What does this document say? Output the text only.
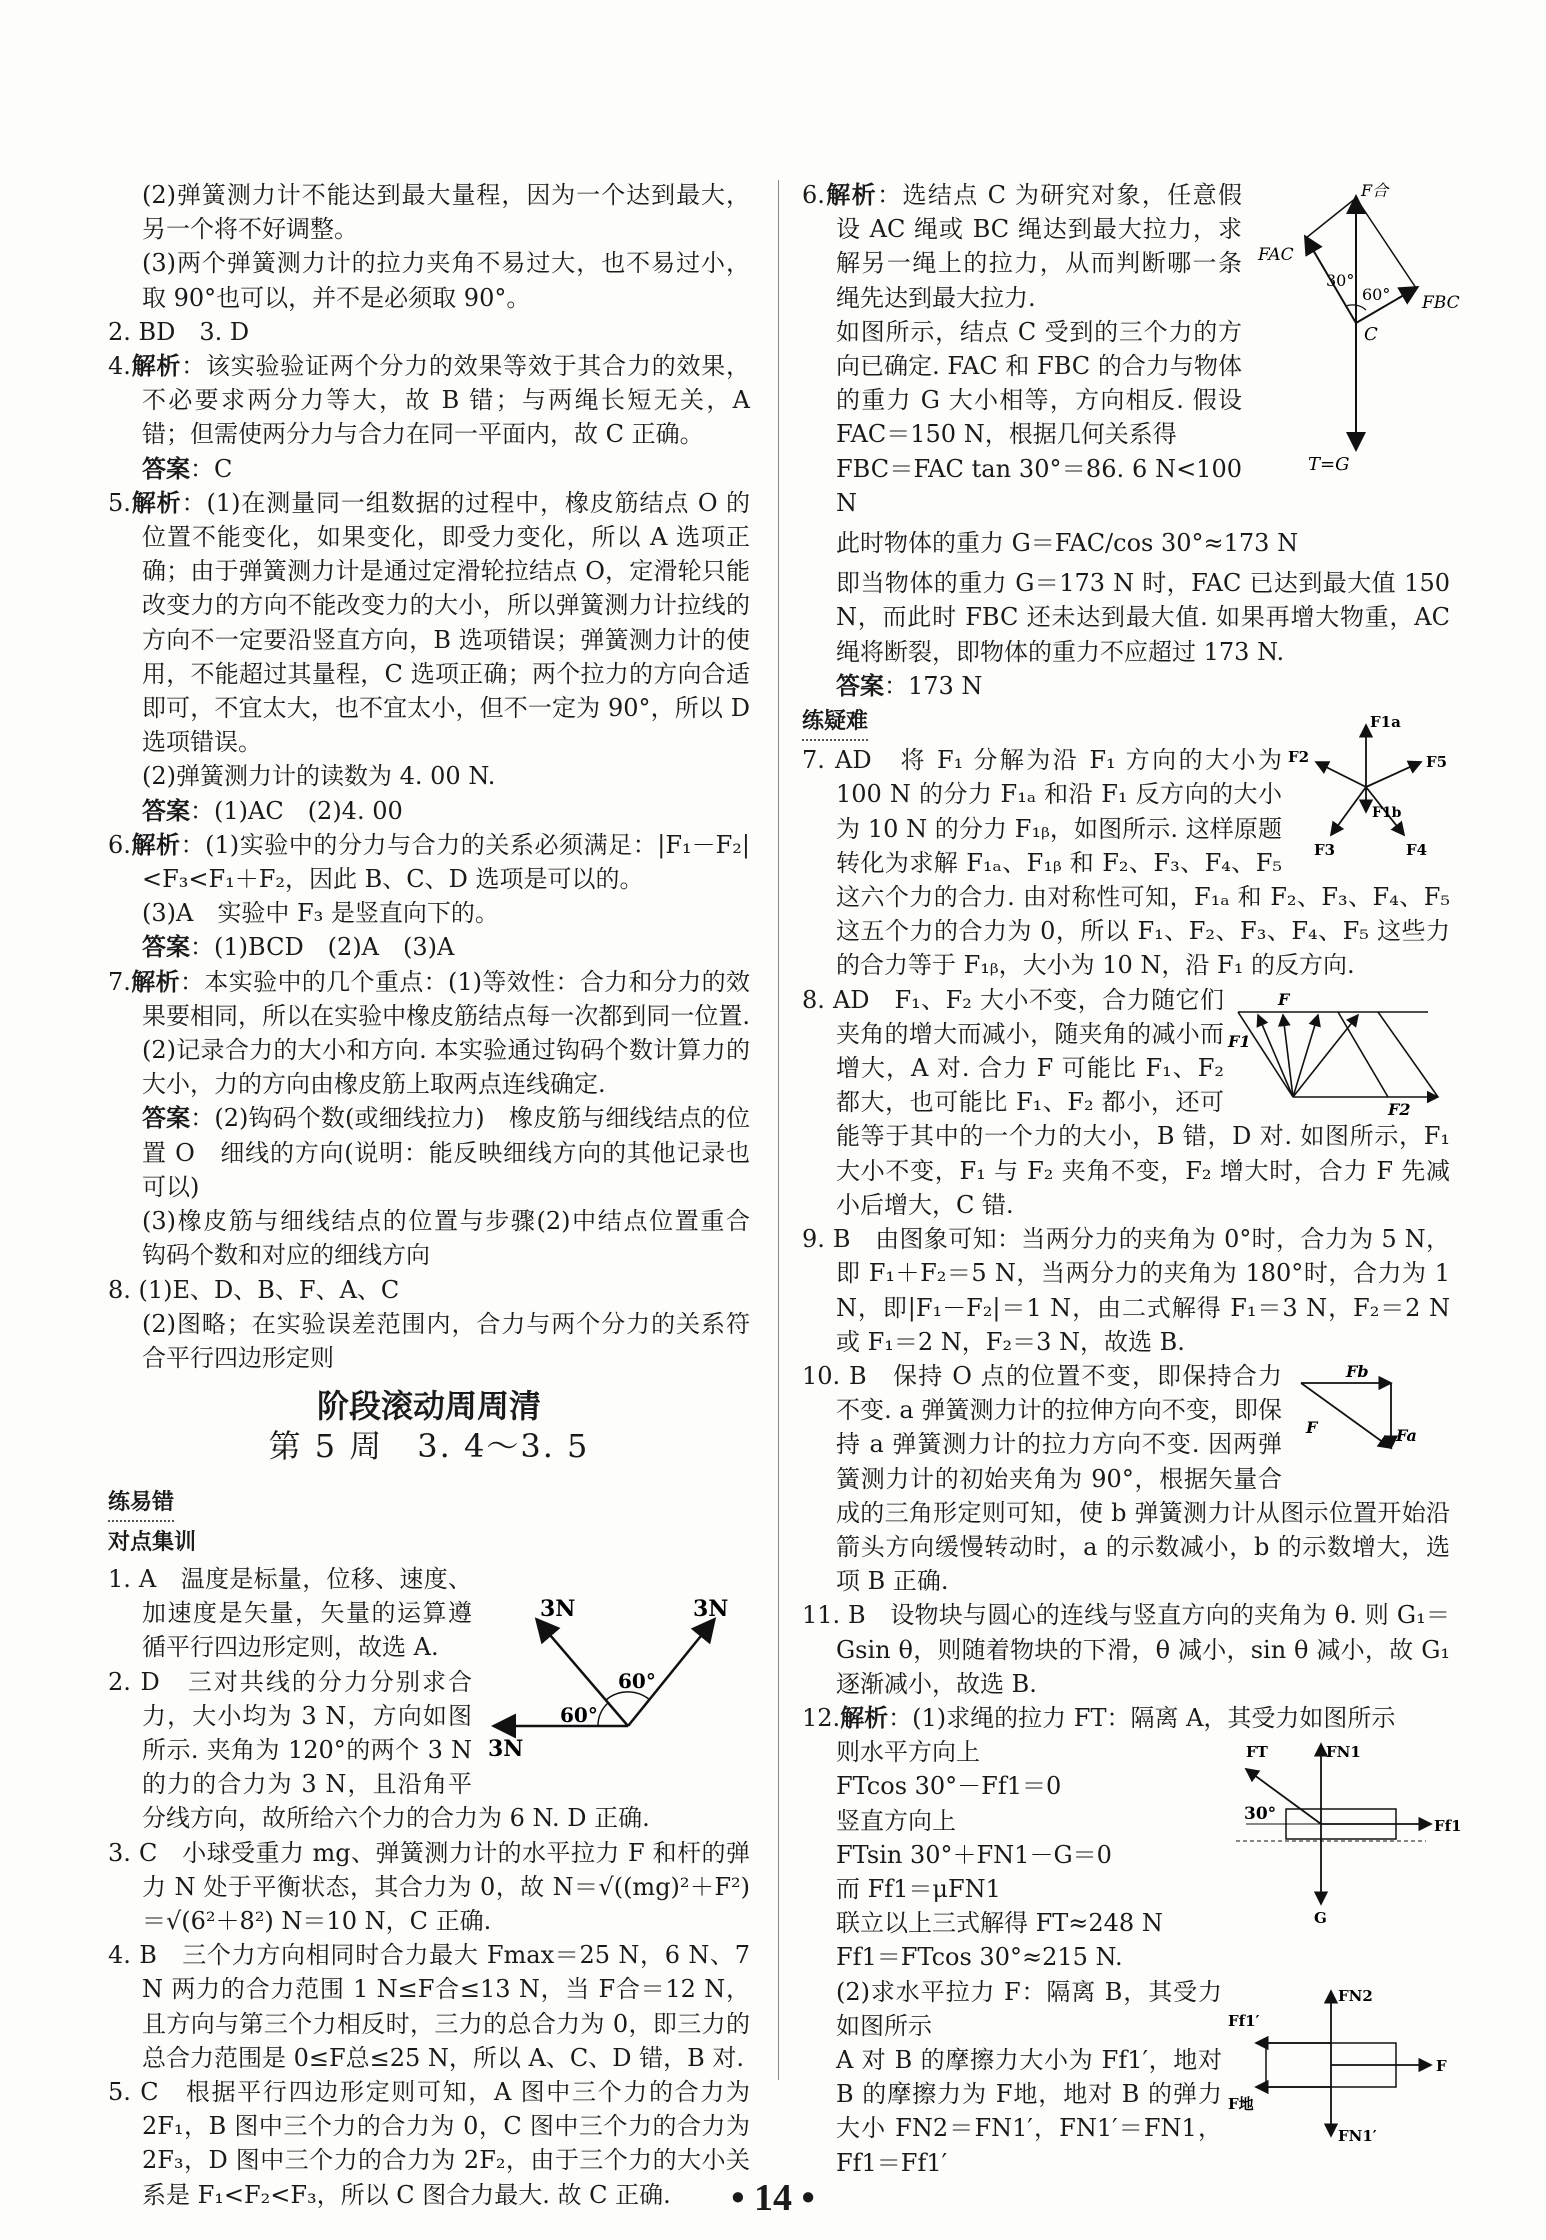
(2)弹簧测力计不能达到最大量程，因为一个达到最大，另一个将不好调整。

(3)两个弹簧测力计的拉力夹角不易过大，也不易过小，取 90°也可以，并不是必须取 90°。

2. BD　3. D

4.解析：该实验验证两个分力的效果等效于其合力的效果，不必要求两分力等大，故 B 错；与两绳长短无关，A 错；但需使两分力与合力在同一平面内，故 C 正确。

答案：C

5.解析：(1)在测量同一组数据的过程中，橡皮筋结点 O 的位置不能变化，如果变化，即受力变化，所以 A 选项正确；由于弹簧测力计是通过定滑轮拉结点 O，定滑轮只能改变力的方向不能改变力的大小，所以弹簧测力计拉线的方向不一定要沿竖直方向，B 选项错误；弹簧测力计的使用，不能超过其量程，C 选项正确；两个拉力的方向合适即可，不宜太大，也不宜太小，但不一定为 90°，所以 D 选项错误。

(2)弹簧测力计的读数为 4. 00 N.

答案：(1)AC　(2)4. 00

6.解析：(1)实验中的分力与合力的关系必须满足：|F₁－F₂|<F₃<F₁＋F₂，因此 B、C、D 选项是可以的。

(3)A　实验中 F₃ 是竖直向下的。

答案：(1)BCD　(2)A　(3)A

7.解析：本实验中的几个重点：(1)等效性：合力和分力的效果要相同，所以在实验中橡皮筋结点每一次都到同一位置. (2)记录合力的大小和方向. 本实验通过钩码个数计算力的大小，力的方向由橡皮筋上取两点连线确定.

答案：(2)钩码个数(或细线拉力)　橡皮筋与细线结点的位置 O　细线的方向(说明：能反映细线方向的其他记录也可以)

(3)橡皮筋与细线结点的位置与步骤(2)中结点位置重合　钩码个数和对应的细线方向

8. (1)E、D、B、F、A、C

(2)图略；在实验误差范围内，合力与两个分力的关系符合平行四边形定则

阶段滚动周周清
第 5 周　3. 4～3. 5
练易错
对点集训
3N	3N
3N
60°
60°

1. A　温度是标量，位移、速度、加速度是矢量，矢量的运算遵循平行四边形定则，故选 A.

2. D　三对共线的分力分别求合力，大小均为 3 N，方向如图所示. 夹角为 120°的两个 3 N 的力的合力为 3 N，且沿角平分线方向，故所给六个力的合力为 6 N. D 正确.

3. C　小球受重力 mg、弹簧测力计的水平拉力 F 和杆的弹力 N 处于平衡状态，其合力为 0，故 N＝√((mg)²＋F²)＝√(6²＋8²) N＝10 N，C 正确.

4. B　三个力方向相同时合力最大 Fmax＝25 N，6 N、7 N 两力的合力范围 1 N≤F合≤13 N，当 F合＝12 N，且方向与第三个力相反时，三力的总合力为 0，即三力的总合力范围是 0≤F总≤25 N，所以 A、C、D 错，B 对.

5. C　根据平行四边形定则可知，A 图中三个力的合力为 2F₁，B 图中三个力的合力为 0，C 图中三个力的合力为 2F₃，D 图中三个力的合力为 2F₂，由于三个力的大小关系是 F₁<F₂<F₃，所以 C 图合力最大. 故 C 正确.

F合
FAC
FBC
30°
60°
C
T=G

6.解析：选结点 C 为研究对象，任意假设 AC 绳或 BC 绳达到最大拉力，求解另一绳上的拉力，从而判断哪一条绳先达到最大拉力.

如图所示，结点 C 受到的三个力的方向已确定. FAC 和 FBC 的合力与物体的重力 G 大小相等，方向相反. 假设 FAC＝150 N，根据几何关系得

FBC＝FAC tan 30°＝86. 6 N<100 N

此时物体的重力 G＝FAC/cos 30°≈173 N

即当物体的重力 G＝173 N 时，FAC 已达到最大值 150 N，而此时 FBC 还未达到最大值. 如果再增大物重，AC 绳将断裂，即物体的重力不应超过 173 N.

答案：173 N

练疑难	F1a
F2	F5
F1b
F3	F4

7. AD　将 F₁ 分解为沿 F₁ 方向的大小为 100 N 的分力 F₁ₐ 和沿 F₁ 反方向的大小为 10 N 的分力 F₁ᵦ，如图所示. 这样原题转化为求解 F₁ₐ、F₁ᵦ 和 F₂、F₃、F₄、F₅ 这六个力的合力. 由对称性可知，F₁ₐ 和 F₂、F₃、F₄、F₅ 这五个力的合力为 0，所以 F₁、F₂、F₃、F₄、F₅ 这些力的合力等于 F₁ᵦ，大小为 10 N，沿 F₁ 的反方向.

F
F1
F2

8. AD　F₁、F₂ 大小不变，合力随它们夹角的增大而减小，随夹角的减小而增大，A 对. 合力 F 可能比 F₁、F₂ 都大，也可能比 F₁、F₂ 都小，还可能等于其中的一个力的大小，B 错，D 对. 如图所示，F₁ 大小不变，F₁ 与 F₂ 夹角不变，F₂ 增大时，合力 F 先减小后增大，C 错.

9. B　由图象可知：当两分力的夹角为 0°时，合力为 5 N，即 F₁＋F₂＝5 N，当两分力的夹角为 180°时，合力为 1 N，即|F₁－F₂|＝1 N，由二式解得 F₁＝3 N，F₂＝2 N 或 F₁＝2 N，F₂＝3 N，故选 B.

Fb
F	Fa

10. B　保持 O 点的位置不变，即保持合力不变. a 弹簧测力计的拉伸方向不变，即保持 a 弹簧测力计的拉力方向不变. 因两弹簧测力计的初始夹角为 90°，根据矢量合成的三角形定则可知，使 b 弹簧测力计从图示位置开始沿箭头方向缓慢转动时，a 的示数减小，b 的示数增大，选项 B 正确.

11. B　设物块与圆心的连线与竖直方向的夹角为 θ. 则 G₁＝Gsin θ，则随着物块的下滑，θ 减小，sin θ 减小，故 G₁ 逐渐减小，故选 B.

12.解析：(1)求绳的拉力 FT：隔离 A，其受力如图所示

FT	FN1
30°
Ff1
G

则水平方向上

FTcos 30°－Ff1＝0

竖直方向上

FTsin 30°＋FN1－G＝0

而 Ff1＝μFN1

联立以上三式解得 FT≈248 N

Ff1＝FTcos 30°≈215 N.

FN2
Ff1′
F
F地
FN1′

(2)求水平拉力 F：隔离 B，其受力如图所示

A 对 B 的摩擦力大小为 Ff1′，地对 B 的摩擦力为 F地，地对 B 的弹力大小 FN2＝FN1′，FN1′＝FN1，Ff1＝Ff1′

• 14 •
